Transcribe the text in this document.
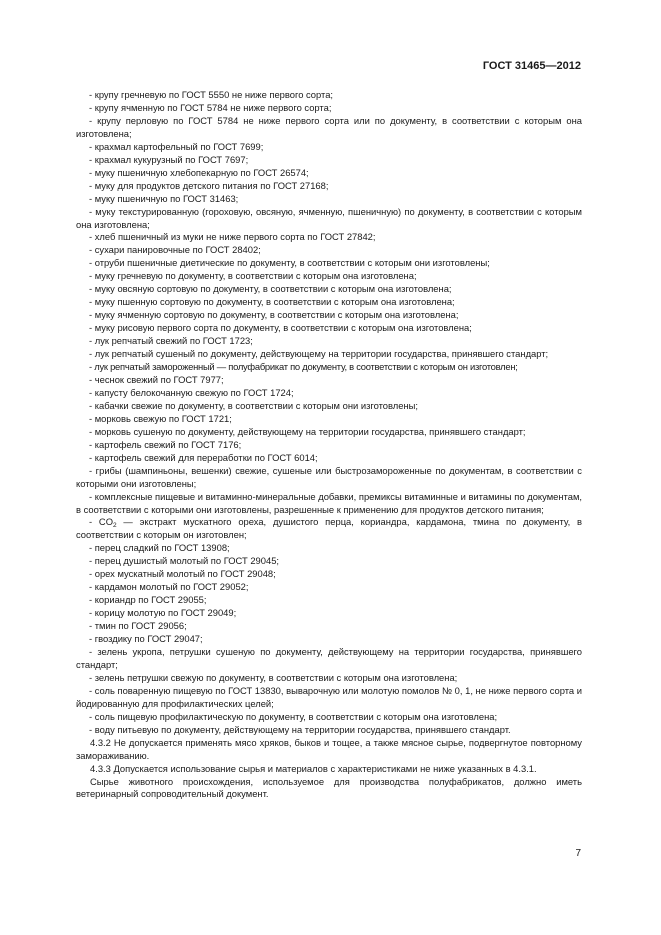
ГОСТ 31465—2012

- крупу гречневую по ГОСТ 5550 не ниже первого сорта;

- крупу ячменную по ГОСТ 5784 не ниже первого сорта;

- крупу перловую по ГОСТ 5784 не ниже первого сорта или по документу, в соответствии с которым она изготовлена;

- крахмал картофельный по ГОСТ 7699;

- крахмал кукурузный по ГОСТ 7697;

- муку пшеничную хлебопекарную по ГОСТ 26574;

- муку для продуктов детского питания по ГОСТ 27168;

- муку пшеничную по ГОСТ 31463;

- муку текстурированную (гороховую, овсяную, ячменную, пшеничную) по документу, в соответствии с которым она изготовлена;

- хлеб пшеничный из муки не ниже первого сорта по ГОСТ 27842;

- сухари панировочные по ГОСТ 28402;

- отруби пшеничные диетические по документу, в соответствии с которым они изготовлены;

- муку гречневую по документу, в соответствии с которым она изготовлена;

- муку овсяную сортовую по документу, в соответствии с которым она изготовлена;

- муку пшенную сортовую по документу, в соответствии с которым она изготовлена;

- муку ячменную сортовую по документу, в соответствии с которым она изготовлена;

- муку рисовую первого сорта по документу, в соответствии с которым она изготовлена;

- лук репчатый свежий по ГОСТ 1723;

- лук репчатый сушеный по документу, действующему на территории государства, принявшего стандарт;

- лук репчатый замороженный — полуфабрикат по документу, в соответствии с которым он изготовлен;

- чеснок свежий по ГОСТ 7977;

- капусту белокочанную свежую по ГОСТ 1724;

- кабачки свежие по документу, в соответствии с которым они изготовлены;

- морковь свежую по ГОСТ 1721;

- морковь сушеную по документу, действующему на территории государства, принявшего стандарт;

- картофель свежий по ГОСТ 7176;

- картофель свежий для переработки по ГОСТ 6014;

- грибы (шампиньоны, вешенки) свежие, сушеные или быстрозамороженные по документам, в соответствии с которыми они изготовлены;

- комплексные пищевые и витаминно-минеральные добавки, премиксы витаминные и витамины по документам, в соответствии с которыми они изготовлены, разрешенные к применению для продуктов детского питания;

- $CO_2$ — экстракт мускатного ореха, душистого перца, кориандра, кардамона, тмина по документу, в соответствии с которым он изготовлен;

- перец сладкий по ГОСТ 13908;

- перец душистый молотый по ГОСТ 29045;

- орех мускатный молотый по ГОСТ 29048;

- кардамон молотый по ГОСТ 29052;

- кориандр по ГОСТ 29055;

- корицу молотую по ГОСТ 29049;

- тмин по ГОСТ 29056;

- гвоздику по ГОСТ 29047;

- зелень укропа, петрушки сушеную по документу, действующему на территории государства, принявшего стандарт;

- зелень петрушки свежую по документу, в соответствии с которым она изготовлена;

- соль поваренную пищевую по ГОСТ 13830, выварочную или молотую помолов № 0, 1, не ниже первого сорта и йодированную для профилактических целей;

- соль пищевую профилактическую по документу, в соответствии с которым она изготовлена;

- воду питьевую по документу, действующему на территории государства, принявшего стандарт.

4.3.2 Не допускается применять мясо хряков, быков и тощее, а также мясное сырье, подвергнутое повторному замораживанию.

4.3.3 Допускается использование сырья и материалов с характеристиками не ниже указанных в 4.3.1.

Сырье животного происхождения, используемое для производства полуфабрикатов, должно иметь ветеринарный сопроводительный документ.

7
